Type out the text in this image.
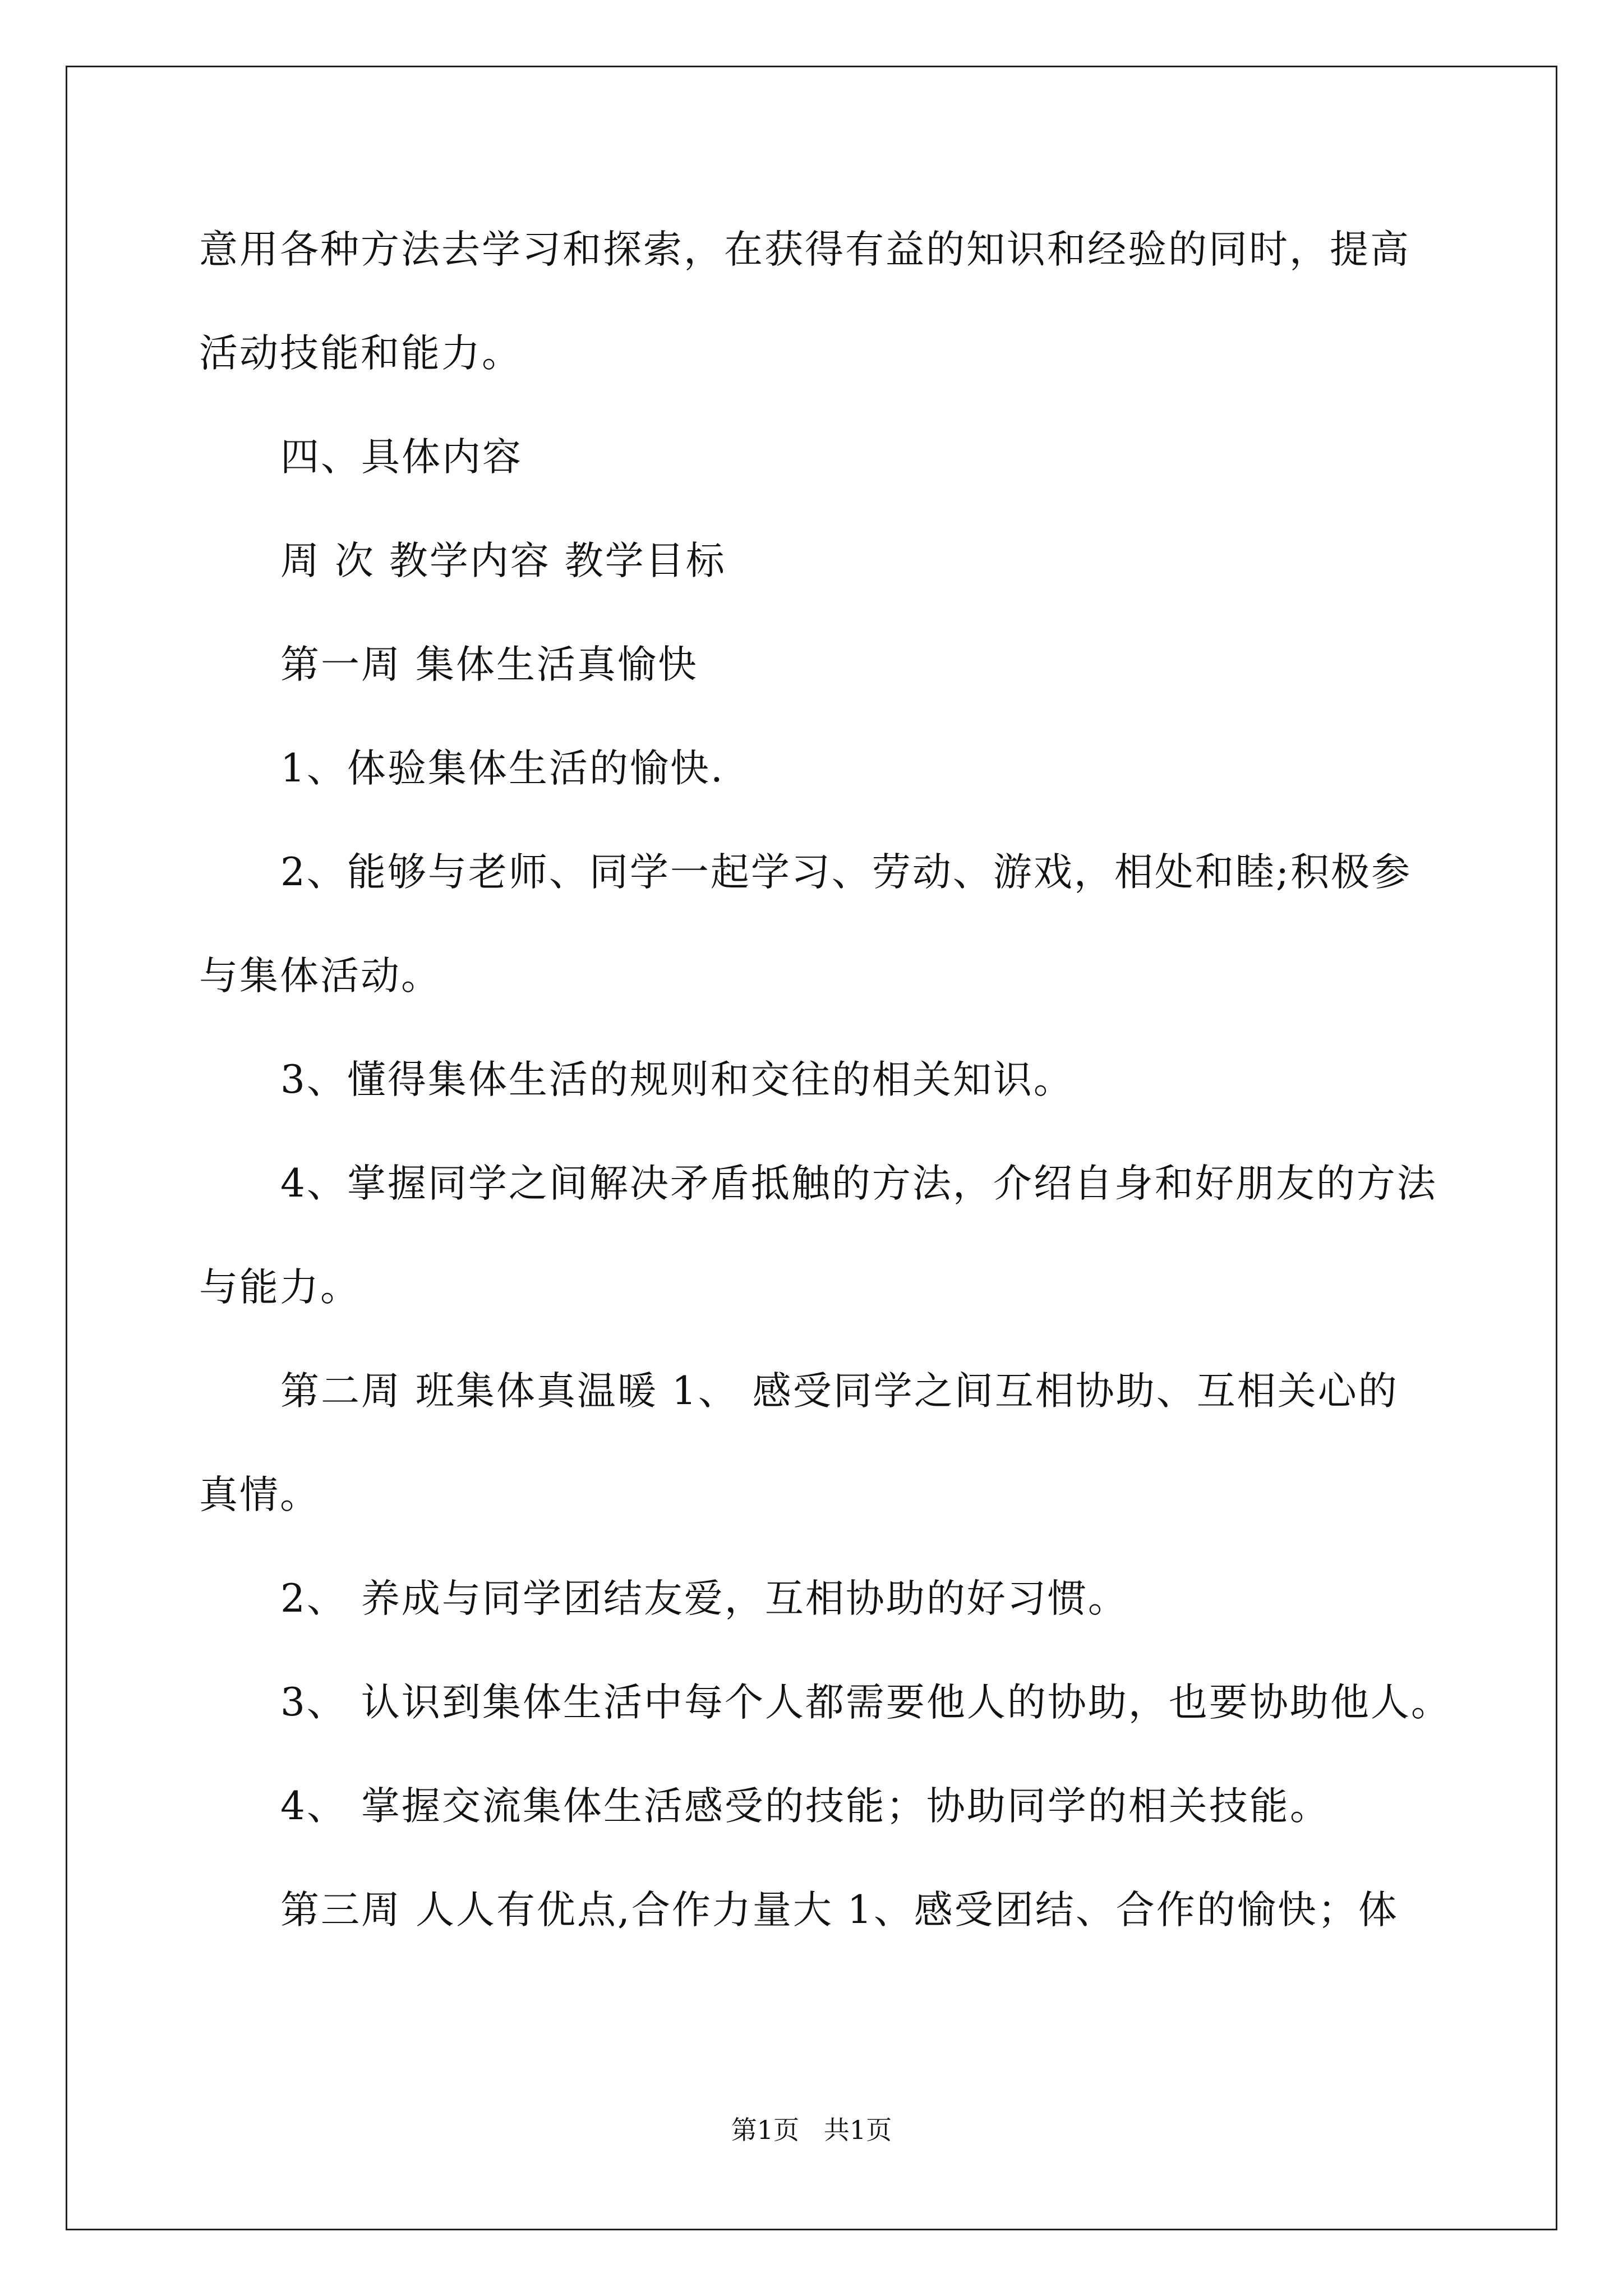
意用各种方法去学习和探索，在获得有益的知识和经验的同时，提高
活动技能和能力。
四、具体内容
周 次 教学内容 教学目标
第一周 集体生活真愉快
1、体验集体生活的愉快.
2、能够与老师、同学一起学习、劳动、游戏，相处和睦;积极参
与集体活动。
3、懂得集体生活的规则和交往的相关知识。
4、掌握同学之间解决矛盾抵触的方法，介绍自身和好朋友的方法
与能力。
第二周 班集体真温暖 1、 感受同学之间互相协助、互相关心的
真情。
2、 养成与同学团结友爱，互相协助的好习惯。
3、 认识到集体生活中每个人都需要他人的协助，也要协助他人。
4、 掌握交流集体生活感受的技能；协助同学的相关技能。
第三周 人人有优点,合作力量大 1、感受团结、合作的愉快；体
第1页   共1页
